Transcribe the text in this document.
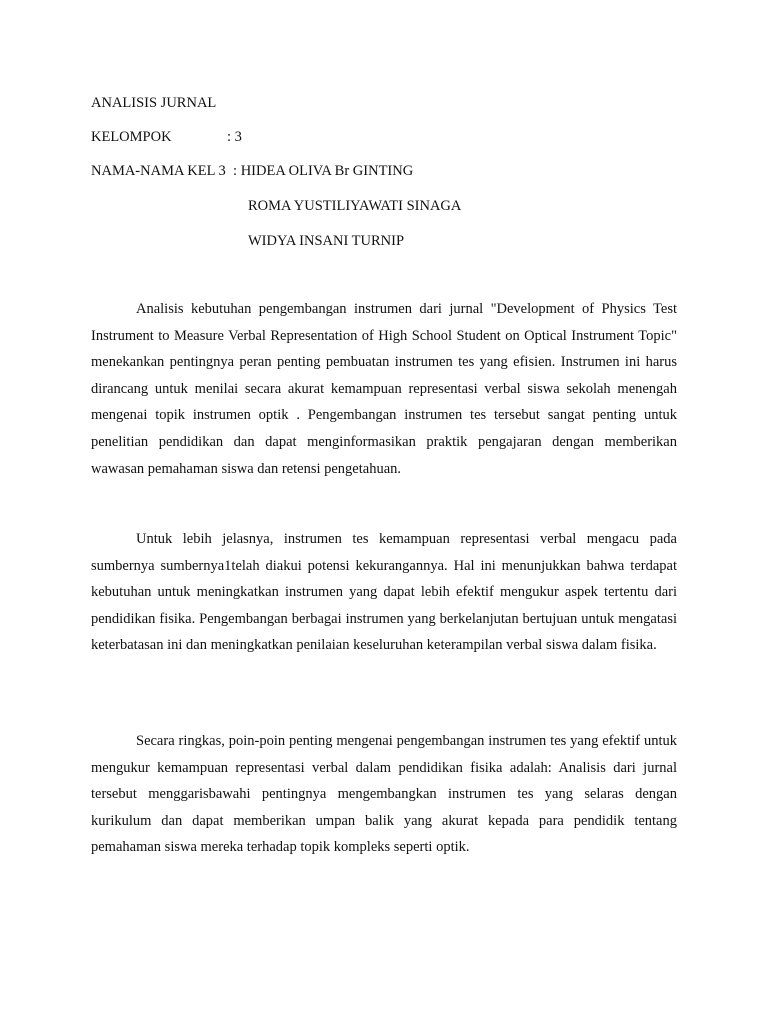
ANALISIS JURNAL
KELOMPOK	: 3
NAMA-NAMA KEL 3  : HIDEA OLIVA Br GINTING
ROMA YUSTILIYAWATI SINAGA
WIDYA INSANI TURNIP

Analisis kebutuhan pengembangan instrumen dari jurnal "Development of Physics Test Instrument to Measure Verbal Representation of High School Student on Optical Instrument Topic" menekankan pentingnya peran penting pembuatan instrumen tes yang efisien. Instrumen ini harus dirancang untuk menilai secara akurat kemampuan representasi verbal siswa sekolah menengah mengenai topik instrumen optik . Pengembangan instrumen tes tersebut sangat penting untuk penelitian pendidikan dan dapat menginformasikan praktik pengajaran dengan memberikan wawasan pemahaman siswa dan retensi pengetahuan.

Untuk lebih jelasnya, instrumen tes kemampuan representasi verbal mengacu pada sumbernya sumbernya1telah diakui potensi kekurangannya. Hal ini menunjukkan bahwa terdapat kebutuhan untuk meningkatkan instrumen yang dapat lebih efektif mengukur aspek tertentu dari pendidikan fisika. Pengembangan berbagai instrumen yang berkelanjutan bertujuan untuk mengatasi keterbatasan ini dan meningkatkan penilaian keseluruhan keterampilan verbal siswa dalam fisika.

Secara ringkas, poin-poin penting mengenai pengembangan instrumen tes yang efektif untuk mengukur kemampuan representasi verbal dalam pendidikan fisika adalah: Analisis dari jurnal tersebut menggarisbawahi pentingnya mengembangkan instrumen tes yang selaras dengan kurikulum dan dapat memberikan umpan balik yang akurat kepada para pendidik tentang pemahaman siswa mereka terhadap topik kompleks seperti optik.
